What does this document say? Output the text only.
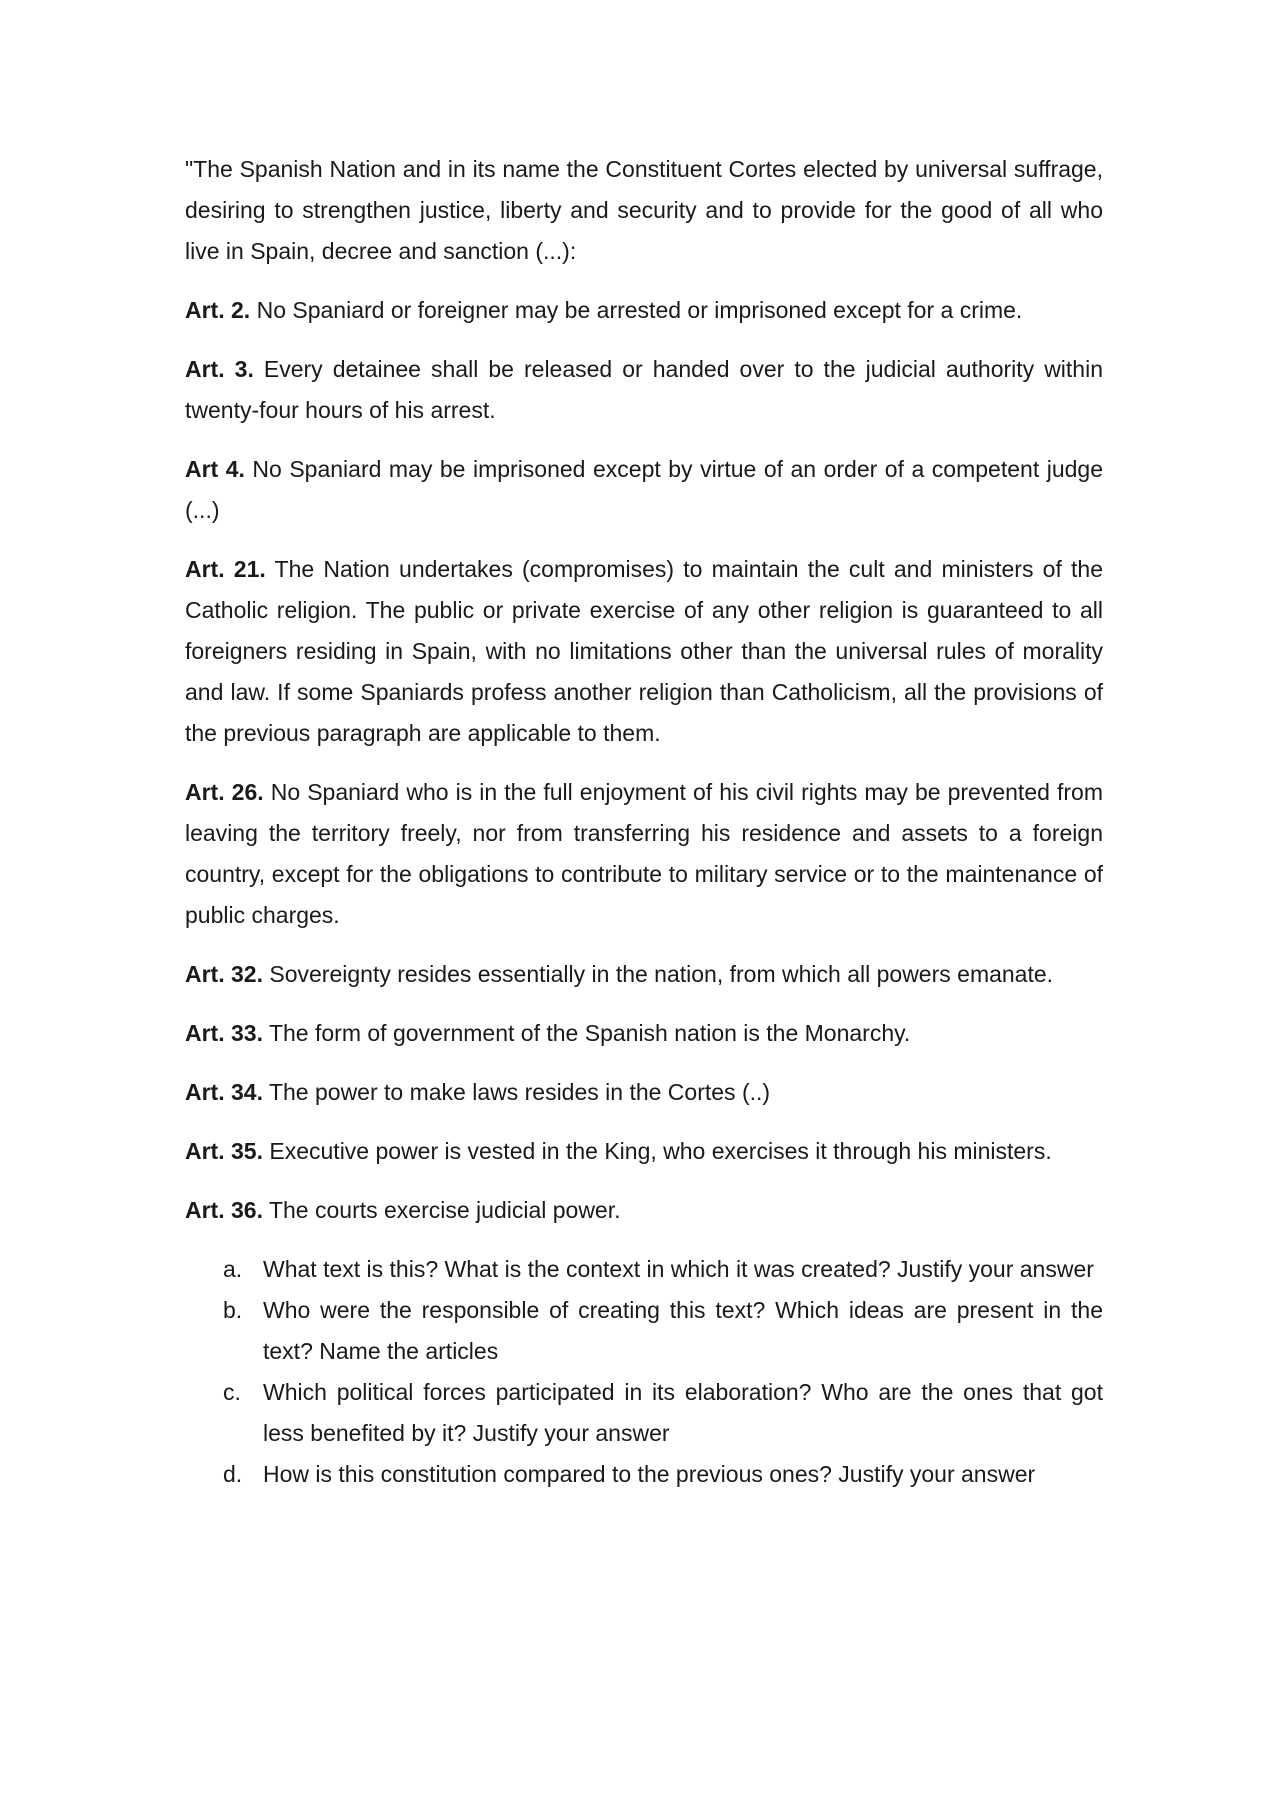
"The Spanish Nation and in its name the Constituent Cortes elected by universal suffrage, desiring to strengthen justice, liberty and security and to provide for the good of all who live in Spain, decree and sanction (...):

Art. 2. No Spaniard or foreigner may be arrested or imprisoned except for a crime.

Art. 3. Every detainee shall be released or handed over to the judicial authority within twenty-four hours of his arrest.

Art 4. No Spaniard may be imprisoned except by virtue of an order of a competent judge (...)

Art. 21. The Nation undertakes (compromises) to maintain the cult and ministers of the Catholic religion. The public or private exercise of any other religion is guaranteed to all foreigners residing in Spain, with no limitations other than the universal rules of morality and law. If some Spaniards profess another religion than Catholicism, all the provisions of the previous paragraph are applicable to them.

Art. 26. No Spaniard who is in the full enjoyment of his civil rights may be prevented from leaving the territory freely, nor from transferring his residence and assets to a foreign country, except for the obligations to contribute to military service or to the maintenance of public charges.

Art. 32. Sovereignty resides essentially in the nation, from which all powers emanate.

Art. 33. The form of government of the Spanish nation is the Monarchy.

Art. 34. The power to make laws resides in the Cortes (..)

Art. 35. Executive power is vested in the King, who exercises it through his ministers.

Art. 36. The courts exercise judicial power.

a. What text is this? What is the context in which it was created? Justify your answer
b. Who were the responsible of creating this text? Which ideas are present in the text? Name the articles
c. Which political forces participated in its elaboration? Who are the ones that got less benefited by it? Justify your answer
d. How is this constitution compared to the previous ones? Justify your answer
